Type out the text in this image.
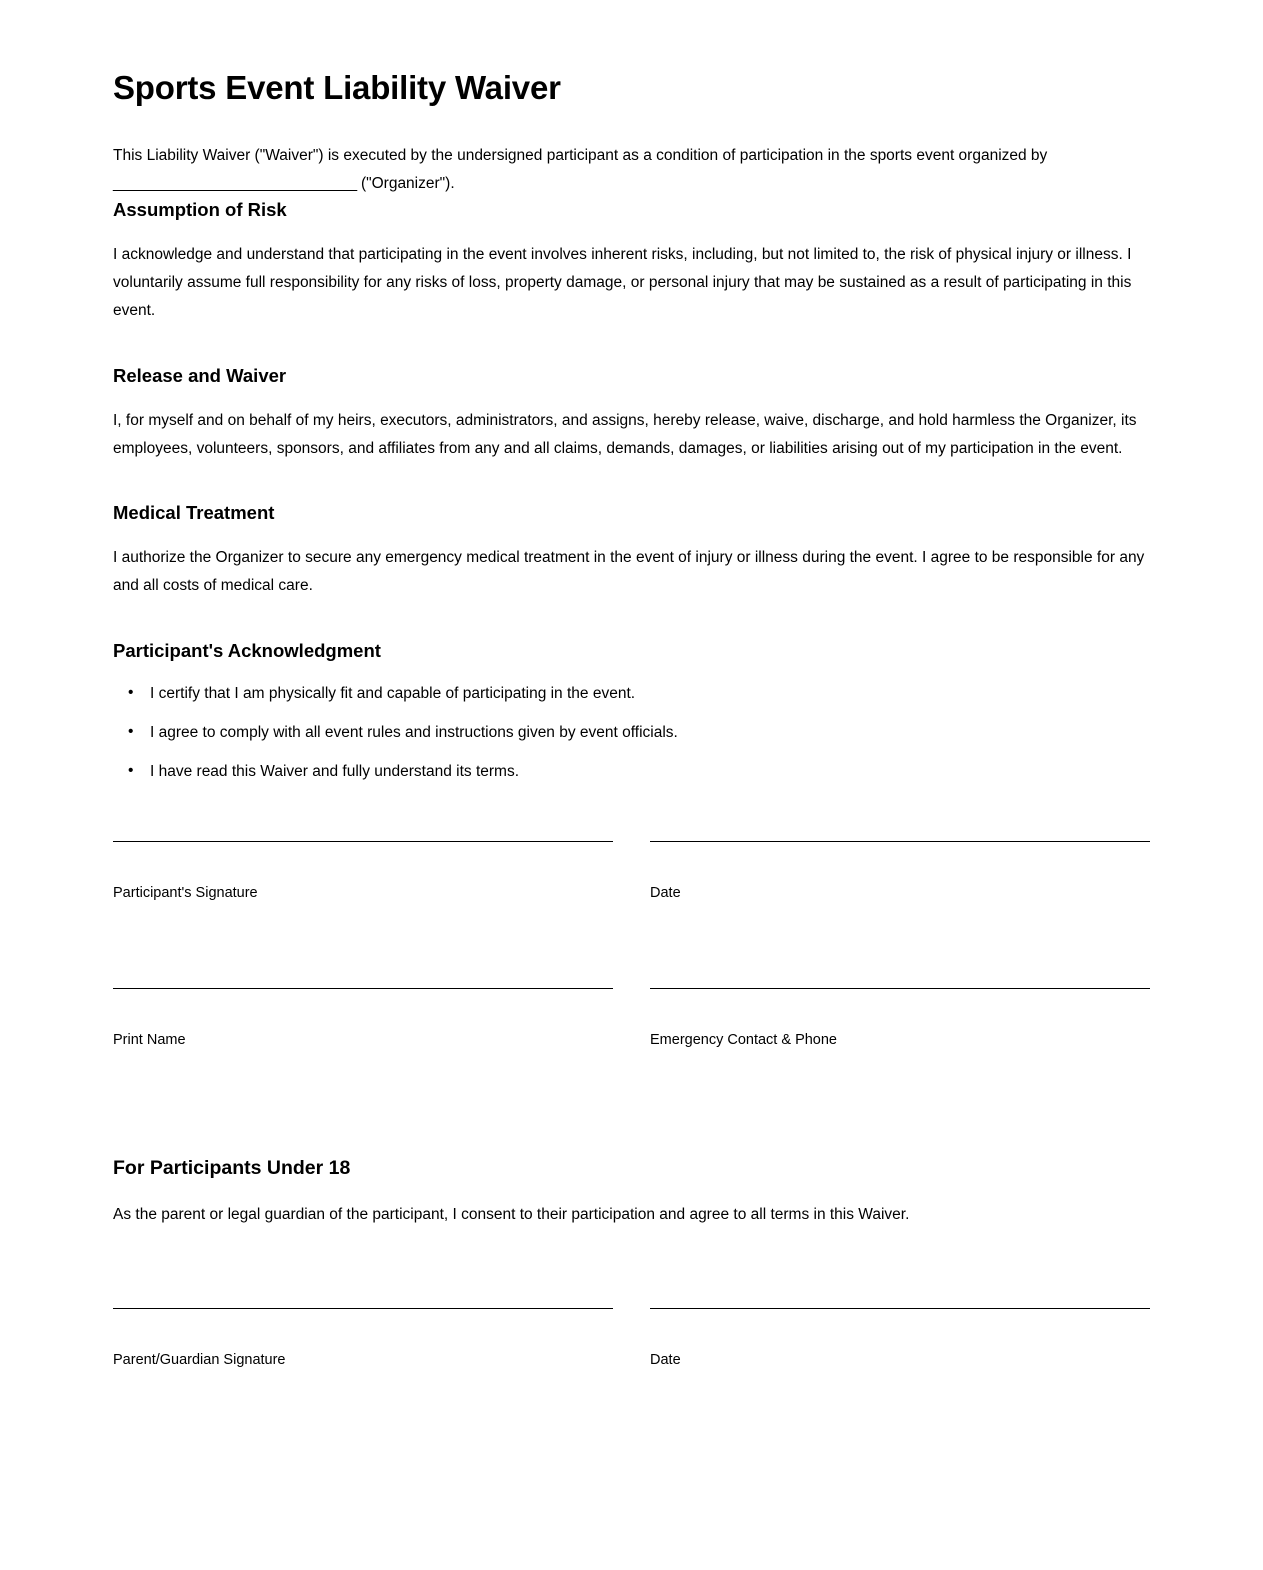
Sports Event Liability Waiver

This Liability Waiver ("Waiver") is executed by the undersigned participant as a condition of participation in the sports event organized by ______________________________ ("Organizer").

Assumption of Risk

I acknowledge and understand that participating in the event involves inherent risks, including, but not limited to, the risk of physical injury or illness. I voluntarily assume full responsibility for any risks of loss, property damage, or personal injury that may be sustained as a result of participating in this event.

Release and Waiver

I, for myself and on behalf of my heirs, executors, administrators, and assigns, hereby release, waive, discharge, and hold harmless the Organizer, its employees, volunteers, sponsors, and affiliates from any and all claims, demands, damages, or liabilities arising out of my participation in the event.

Medical Treatment

I authorize the Organizer to secure any emergency medical treatment in the event of injury or illness during the event. I agree to be responsible for any and all costs of medical care.

Participant's Acknowledgment
• I certify that I am physically fit and capable of participating in the event.
• I agree to comply with all event rules and instructions given by event officials.
• I have read this Waiver and fully understand its terms.
Participant's Signature	Date
Print Name	Emergency Contact & Phone
For Participants Under 18

As the parent or legal guardian of the participant, I consent to their participation and agree to all terms in this Waiver.

Parent/Guardian Signature	Date
